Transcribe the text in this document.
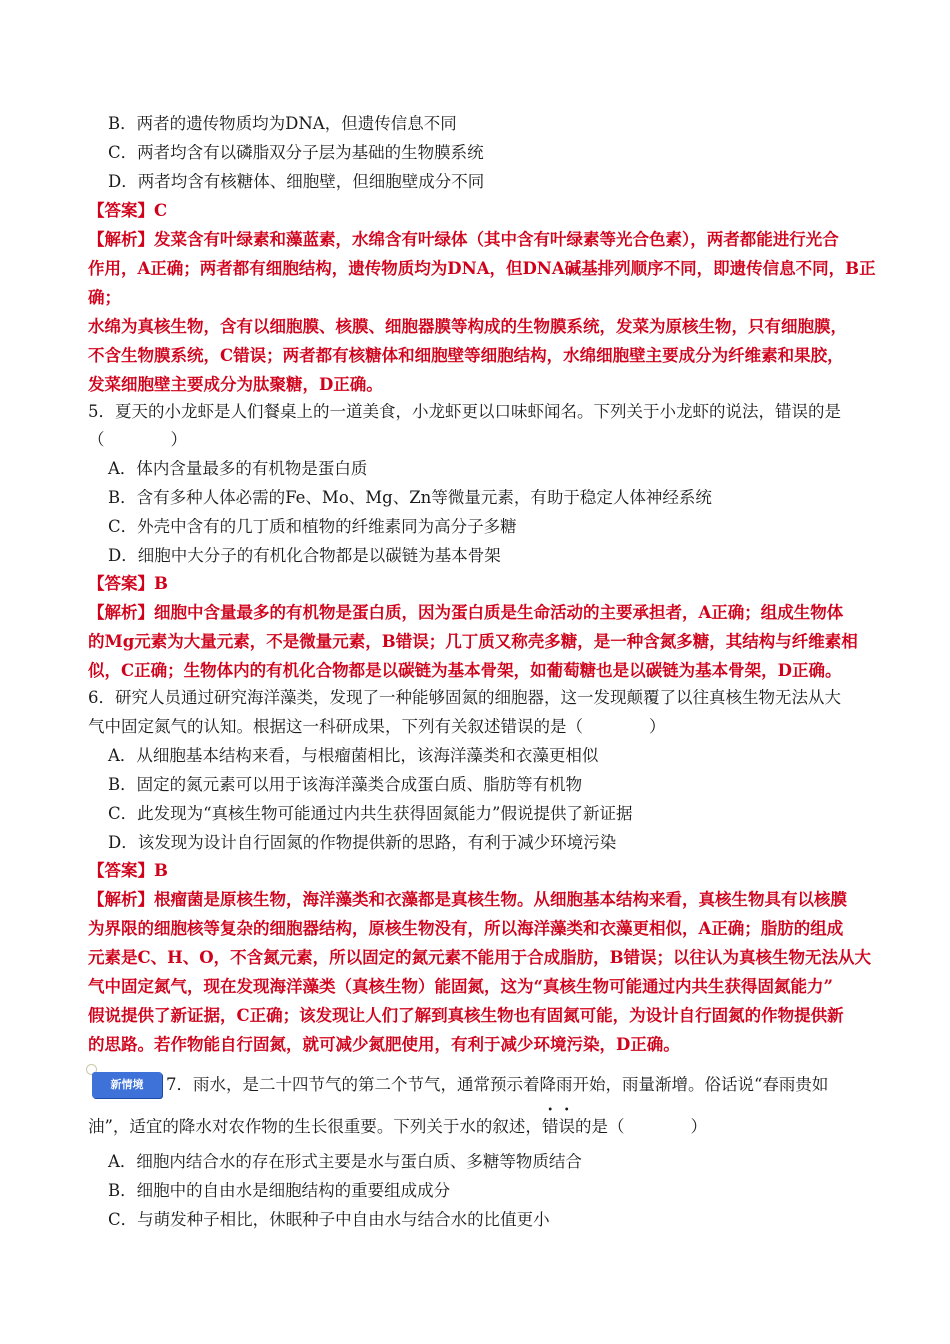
B．两者的遗传物质均为DNA，但遗传信息不同
C．两者均含有以磷脂双分子层为基础的生物膜系统
D．两者均含有核糖体、细胞壁，但细胞壁成分不同
【答案】C
【解析】发菜含有叶绿素和藻蓝素，水绵含有叶绿体（其中含有叶绿素等光合色素），两者都能进行光合
作用，A正确；两者都有细胞结构，遗传物质均为DNA，但DNA碱基排列顺序不同，即遗传信息不同，B正
确；
水绵为真核生物，含有以细胞膜、核膜、细胞器膜等构成的生物膜系统，发菜为原核生物，只有细胞膜，
不含生物膜系统，C错误；两者都有核糖体和细胞壁等细胞结构，水绵细胞壁主要成分为纤维素和果胶，
发菜细胞壁主要成分为肽聚糖，D正确。
5．夏天的小龙虾是人们餐桌上的一道美食，小龙虾更以口味虾闻名。下列关于小龙虾的说法，错误的是
（　　　　）
A．体内含量最多的有机物是蛋白质
B．含有多种人体必需的Fe、Mo、Mg、Zn等微量元素，有助于稳定人体神经系统
C．外壳中含有的几丁质和植物的纤维素同为高分子多糖
D．细胞中大分子的有机化合物都是以碳链为基本骨架
【答案】B
【解析】细胞中含量最多的有机物是蛋白质，因为蛋白质是生命活动的主要承担者，A正确；组成生物体
的Mg元素为大量元素，不是微量元素，B错误；几丁质又称壳多糖，是一种含氮多糖，其结构与纤维素相
似，C正确；生物体内的有机化合物都是以碳链为基本骨架，如葡萄糖也是以碳链为基本骨架，D正确。
6．研究人员通过研究海洋藻类，发现了一种能够固氮的细胞器，这一发现颠覆了以往真核生物无法从大
气中固定氮气的认知。根据这一科研成果，下列有关叙述错误的是（　　　　）
A．从细胞基本结构来看，与根瘤菌相比，该海洋藻类和衣藻更相似
B．固定的氮元素可以用于该海洋藻类合成蛋白质、脂肪等有机物
C．此发现为“真核生物可能通过内共生获得固氮能力”假说提供了新证据
D．该发现为设计自行固氮的作物提供新的思路，有利于减少环境污染
【答案】B
【解析】根瘤菌是原核生物，海洋藻类和衣藻都是真核生物。从细胞基本结构来看，真核生物具有以核膜
为界限的细胞核等复杂的细胞器结构，原核生物没有，所以海洋藻类和衣藻更相似，A正确；脂肪的组成
元素是C、H、O，不含氮元素，所以固定的氮元素不能用于合成脂肪，B错误；以往认为真核生物无法从大
气中固定氮气，现在发现海洋藻类（真核生物）能固氮，这为“真核生物可能通过内共生获得固氮能力”
假说提供了新证据，C正确；该发现让人们了解到真核生物也有固氮可能，为设计自行固氮的作物提供新
的思路。若作物能自行固氮，就可减少氮肥使用，有利于减少环境污染，D正确。
新情境	7．雨水，是二十四节气的第二个节气，通常预示着降雨开始，雨量渐增。俗话说“春雨贵如
油”，适宜的降水对农作物的生长很重要。下列关于水的叙述，
•
错
•
误的是（　　　　）
A．细胞内结合水的存在形式主要是水与蛋白质、多糖等物质结合
B．细胞中的自由水是细胞结构的重要组成成分
C．与萌发种子相比，休眠种子中自由水与结合水的比值更小
